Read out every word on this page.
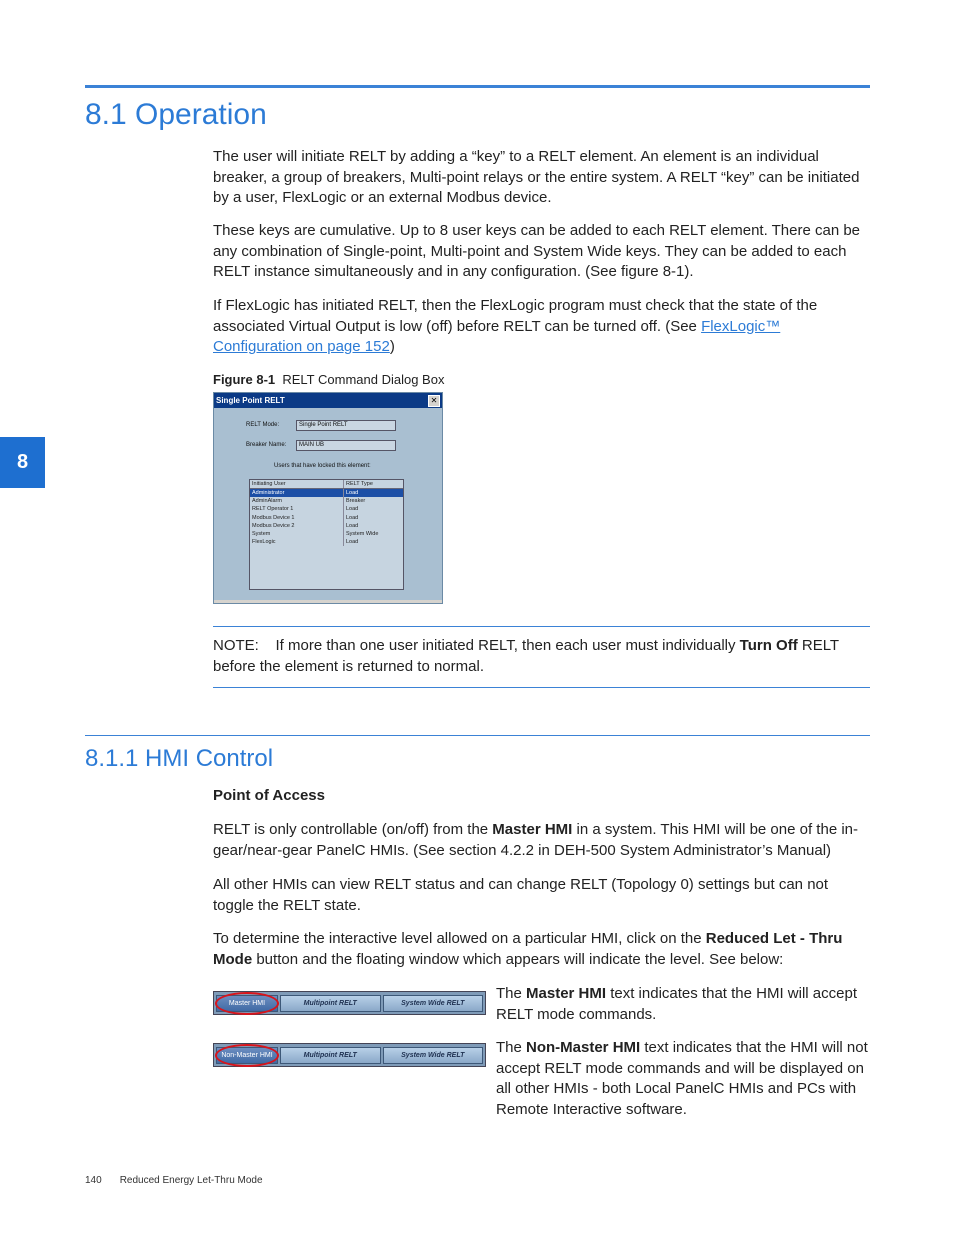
8.1 Operation

The user will initiate RELT by adding a “key” to a RELT element. An element is an individual breaker, a group of breakers, Multi-point relays or the entire system. A RELT “key” can be initiated by a user, FlexLogic or an external Modbus device.

These keys are cumulative. Up to 8 user keys can be added to each RELT element. There can be any combination of Single-point, Multi-point and System Wide keys. They can be added to each RELT instance simultaneously and in any configuration. (See figure 8-1).

If FlexLogic has initiated RELT, then the FlexLogic program must check that the state of the associated Virtual Output is low (off) before RELT can be turned off. (See FlexLogic™ Configuration on page 152)

Figure 8-1 RELT Command Dialog Box
Single Point RELT	✕
RELT Mode:	Single Point RELT
Breaker Name:	MAIN UB
Users that have locked this element:
Initiating User	RELT Type
Administrator	Load
AdminAlarm	Breaker
RELT Operator 1	Load
Modbus Device 1	Load
Modbus Device 2	Load
System	System Wide
FlexLogic	Load
8

NOTE: If more than one user initiated RELT, then each user must individually Turn Off RELT before the element is returned to normal.

8.1.1 HMI Control

Point of Access

RELT is only controllable (on/off) from the Master HMI in a system. This HMI will be one of the in-gear/near-gear PanelC HMIs. (See section 4.2.2 in DEH-500 System Administrator’s Manual)

All other HMIs can view RELT status and can change RELT (Topology 0) settings but can not toggle the RELT state.

To determine the interactive level allowed on a particular HMI, click on the Reduced Let - Thru Mode button and the floating window which appears will indicate the level. See below:

Master HMI	Multipoint RELT	System Wide RELT
Non-Master HMI	Multipoint RELT	System Wide RELT

The Master HMI text indicates that the HMI will accept RELT mode commands.

The Non-Master HMI text indicates that the HMI will not accept RELT mode commands and will be displayed on all other HMIs - both Local PanelC HMIs and PCs with Remote Interactive software.

140 Reduced Energy Let-Thru Mode
